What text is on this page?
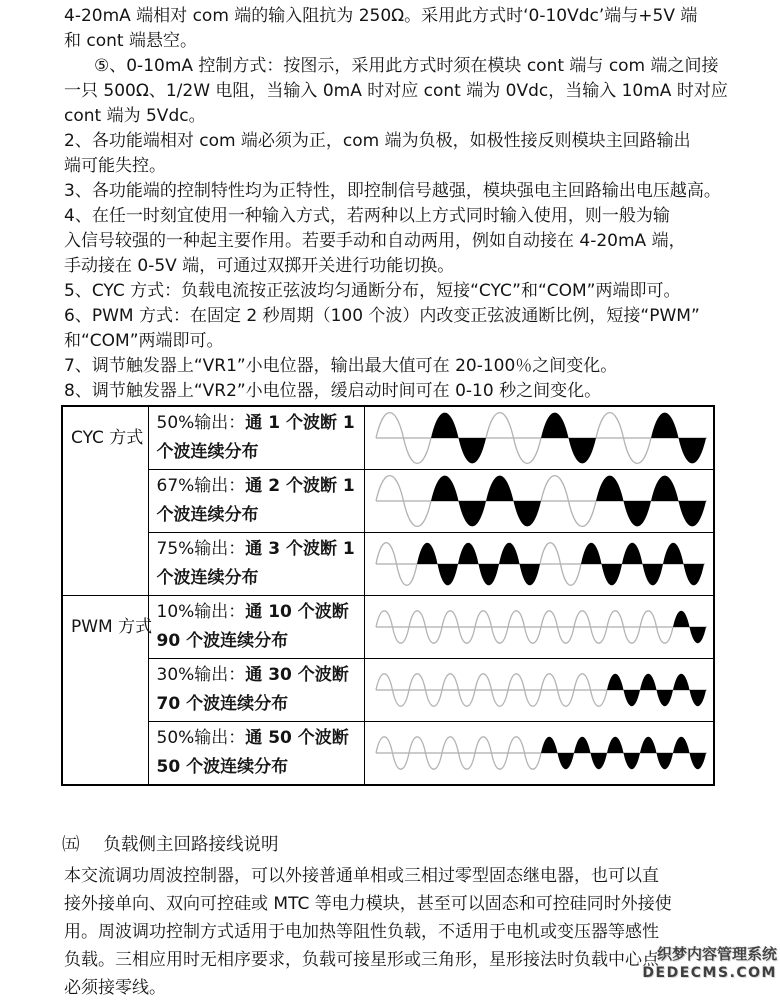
4-20mA 端相对 com 端的输入阻抗为 250Ω。采用此方式时‘0-10Vdc’端与+5V 端
和 cont 端悬空。
⑤、0-10mA 控制方式：按图示，采用此方式时须在模块 cont 端与 com 端之间接
一只 500Ω、1/2W 电阻，当输入 0mA 时对应 cont 端为 0Vdc，当输入 10mA 时对应
cont 端为 5Vdc。
2、各功能端相对 com 端必须为正，com 端为负极，如极性接反则模块主回路输出
端可能失控。
3、各功能端的控制特性均为正特性，即控制信号越强，模块强电主回路输出电压越高。
4、在任一时刻宜使用一种输入方式，若两种以上方式同时输入使用，则一般为输
入信号较强的一种起主要作用。若要手动和自动两用，例如自动接在 4-20mA 端，
手动接在 0-5V 端，可通过双掷开关进行功能切换。
5、CYC 方式：负载电流按正弦波均匀通断分布，短接“CYC”和“COM”两端即可。
6、PWM 方式：在固定 2 秒周期（100 个波）内改变正弦波通断比例，短接“PWM”
和“COM”两端即可。
7、调节触发器上“VR1”小电位器，输出最大值可在 20-100％之间变化。
8、调节触发器上“VR2”小电位器，缓启动时间可在 0-10 秒之间变化。
CYC 方式	50%输出：通 1 个波断 1 个波连续分布	

	67%输出：通 2 个波断 1 个波连续分布	

	75%输出：通 3 个波断 1 个波连续分布	

PWM 方式	10%输出：通 10 个波断 90 个波连续分布	

	30%输出：通 30 个波断 70 个波连续分布	

	50%输出：通 50 个波断 50 个波连续分布	
㈤ 负载侧主回路接线说明
本交流调功周波控制器，可以外接普通单相或三相过零型固态继电器，也可以直
接外接单向、双向可控硅或 MTC 等电力模块，甚至可以固态和可控硅同时外接使
用。周波调功控制方式适用于电加热等阻性负载，不适用于电机或变压器等感性
负载。三相应用时无相序要求，负载可接星形或三角形，星形接法时负载中心点
必须接零线。
织梦内容管理系统
DEDECMS.COM
